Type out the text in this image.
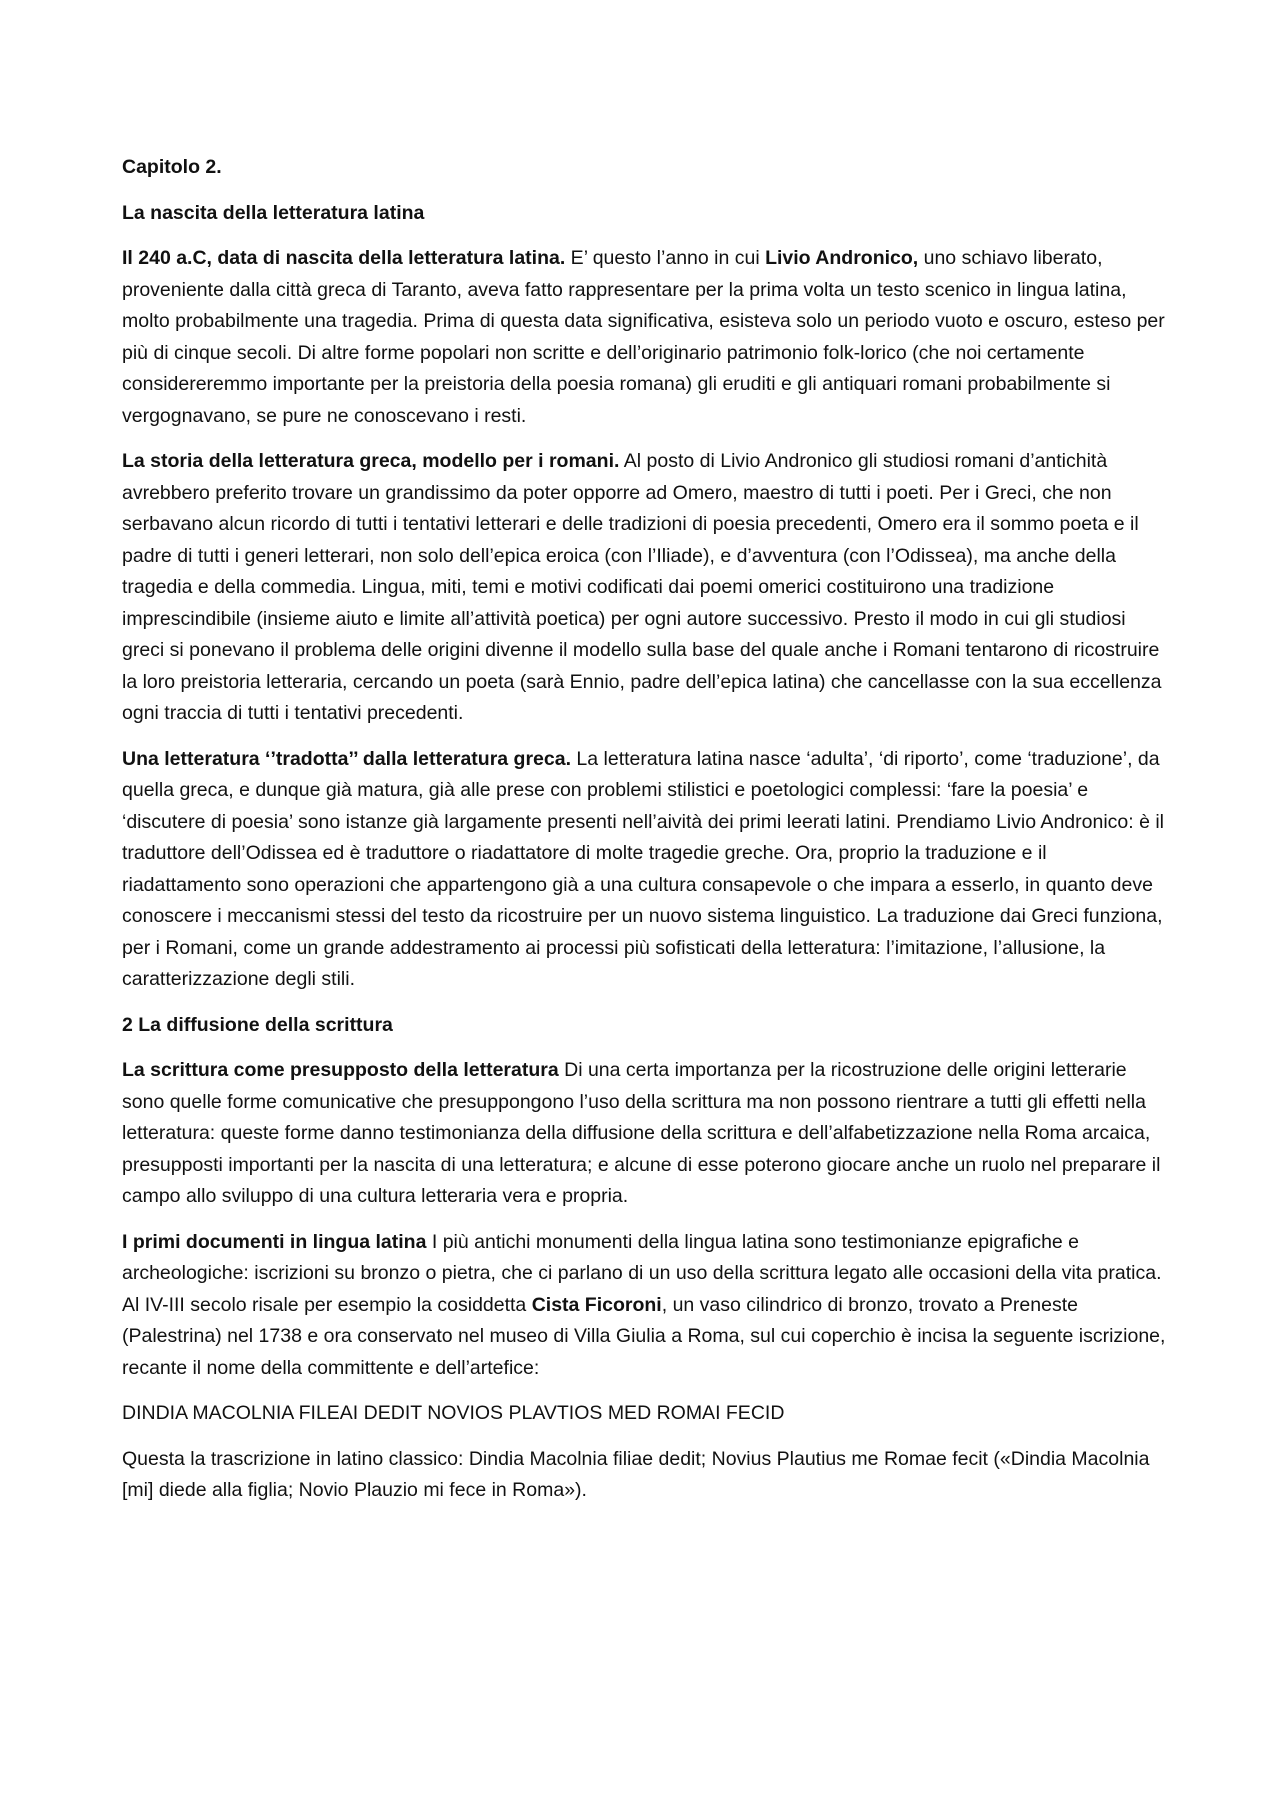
Capitolo 2.

La nascita della letteratura latina

Il 240 a.C, data di nascita della letteratura latina. E’ questo l’anno in cui Livio Andronico, uno schiavo liberato, proveniente dalla città greca di Taranto, aveva fatto rappresentare per la prima volta un testo scenico in lingua latina, molto probabilmente una tragedia. Prima di questa data significativa, esisteva solo un periodo vuoto e oscuro, esteso per più di cinque secoli. Di altre forme popolari non scritte e dell’originario patrimonio folk-lorico (che noi certamente considereremmo importante per la preistoria della poesia romana) gli eruditi e gli antiquari romani probabilmente si vergognavano, se pure ne conoscevano i resti.

La storia della letteratura greca, modello per i romani. Al posto di Livio Andronico gli studiosi romani d’antichità avrebbero preferito trovare un grandissimo da poter opporre ad Omero, maestro di tutti i poeti. Per i Greci, che non serbavano alcun ricordo di tutti i tentativi letterari e delle tradizioni di poesia precedenti, Omero era il sommo poeta e il padre di tutti i generi letterari, non solo dell’epica eroica (con l’Iliade), e d’avventura (con l’Odissea), ma anche della tragedia e della commedia. Lingua, miti, temi e motivi codificati dai poemi omerici costituirono una tradizione imprescindibile (insieme aiuto e limite all’attività poetica) per ogni autore successivo. Presto il modo in cui gli studiosi greci si ponevano il problema delle origini divenne il modello sulla base del quale anche i Romani tentarono di ricostruire la loro preistoria letteraria, cercando un poeta (sarà Ennio, padre dell’epica latina) che cancellasse con la sua eccellenza ogni traccia di tutti i tentativi precedenti.

Una letteratura ‘’tradotta’’ dalla letteratura greca. La letteratura latina nasce ‘adulta’, ‘di riporto’, come ‘traduzione’, da quella greca, e dunque già matura, già alle prese con problemi stilistici e poetologici complessi: ‘fare la poesia’ e ‘discutere di poesia’ sono istanze già largamente presenti nell’aività dei primi leerati latini. Prendiamo Livio Andronico: è il traduttore dell’Odissea ed è traduttore o riadattatore di molte tragedie greche. Ora, proprio la traduzione e il riadattamento sono operazioni che appartengono già a una cultura consapevole o che impara a esserlo, in quanto deve conoscere i meccanismi stessi del testo da ricostruire per un nuovo sistema linguistico. La traduzione dai Greci funziona, per i Romani, come un grande addestramento ai processi più sofisticati della letteratura: l’imitazione, l’allusione, la caratterizzazione degli stili.

2 La diffusione della scrittura

La scrittura come presupposto della letteratura Di una certa importanza per la ricostruzione delle origini letterarie sono quelle forme comunicative che presuppongono l’uso della scrittura ma non possono rientrare a tutti gli effetti nella letteratura: queste forme danno testimonianza della diffusione della scrittura e dell’alfabetizzazione nella Roma arcaica, presupposti importanti per la nascita di una letteratura; e alcune di esse poterono giocare anche un ruolo nel preparare il campo allo sviluppo di una cultura letteraria vera e propria.

I primi documenti in lingua latina I più antichi monumenti della lingua latina sono testimonianze epigrafiche e archeologiche: iscrizioni su bronzo o pietra, che ci parlano di un uso della scrittura legato alle occasioni della vita pratica. Al IV-III secolo risale per esempio la cosiddetta Cista Ficoroni, un vaso cilindrico di bronzo, trovato a Preneste (Palestrina) nel 1738 e ora conservato nel museo di Villa Giulia a Roma, sul cui coperchio è incisa la seguente iscrizione, recante il nome della committente e dell’artefice:

DINDIA MACOLNIA FILEAI DEDIT NOVIOS PLAVTIOS MED ROMAI FECID

Questa la trascrizione in latino classico: Dindia Macolnia filiae dedit; Novius Plautius me Romae fecit («Dindia Macolnia [mi] diede alla figlia; Novio Plauzio mi fece in Roma»).
